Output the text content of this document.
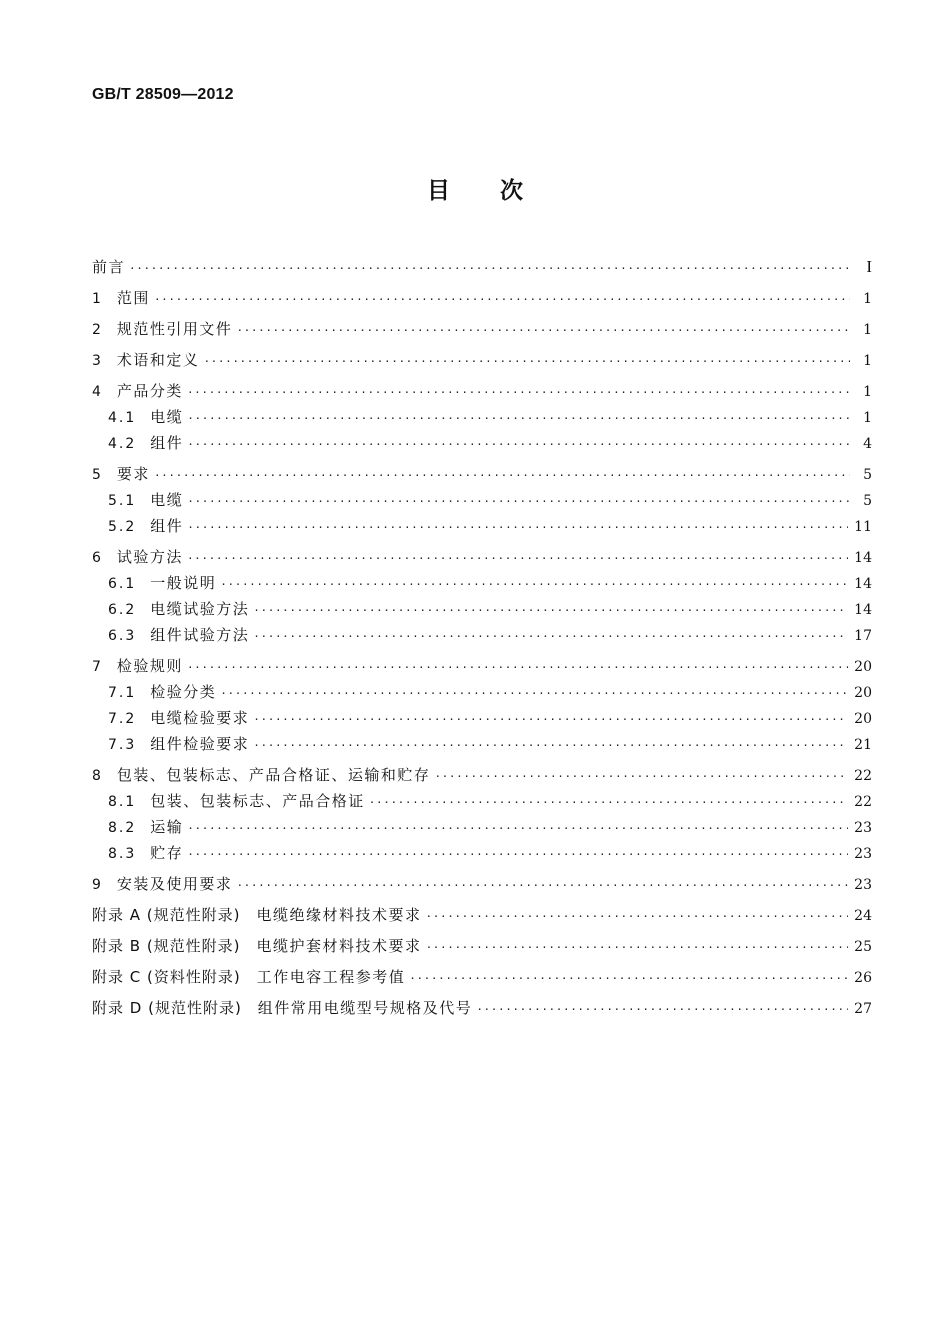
GB/T 28509—2012
目次
前言 ·····	I
1 范围 ·····	1
2 规范性引用文件 ·····	1
3 术语和定义 ·····	1
4 产品分类 ·····	1
4.1 电缆 ·····	1
4.2 组件 ·····	4
5 要求 ·····	5
5.1 电缆 ·····	5
5.2 组件 ·····	11
6 试验方法 ·····	14
6.1 一般说明 ·····	14
6.2 电缆试验方法 ·····	14
6.3 组件试验方法 ·····	17
7 检验规则 ·····	20
7.1 检验分类 ·····	20
7.2 电缆检验要求 ·····	20
7.3 组件检验要求 ·····	21
8 包装、包装标志、产品合格证、运输和贮存 ·····	22
8.1 包装、包装标志、产品合格证 ·····	22
8.2 运输 ·····	23
8.3 贮存 ·····	23
9 安装及使用要求 ·····	23
附录 A (规范性附录) 电缆绝缘材料技术要求 ·····	24
附录 B (规范性附录) 电缆护套材料技术要求 ·····	25
附录 C (资料性附录) 工作电容工程参考值 ·····	26
附录 D (规范性附录) 组件常用电缆型号规格及代号 ·····	27
